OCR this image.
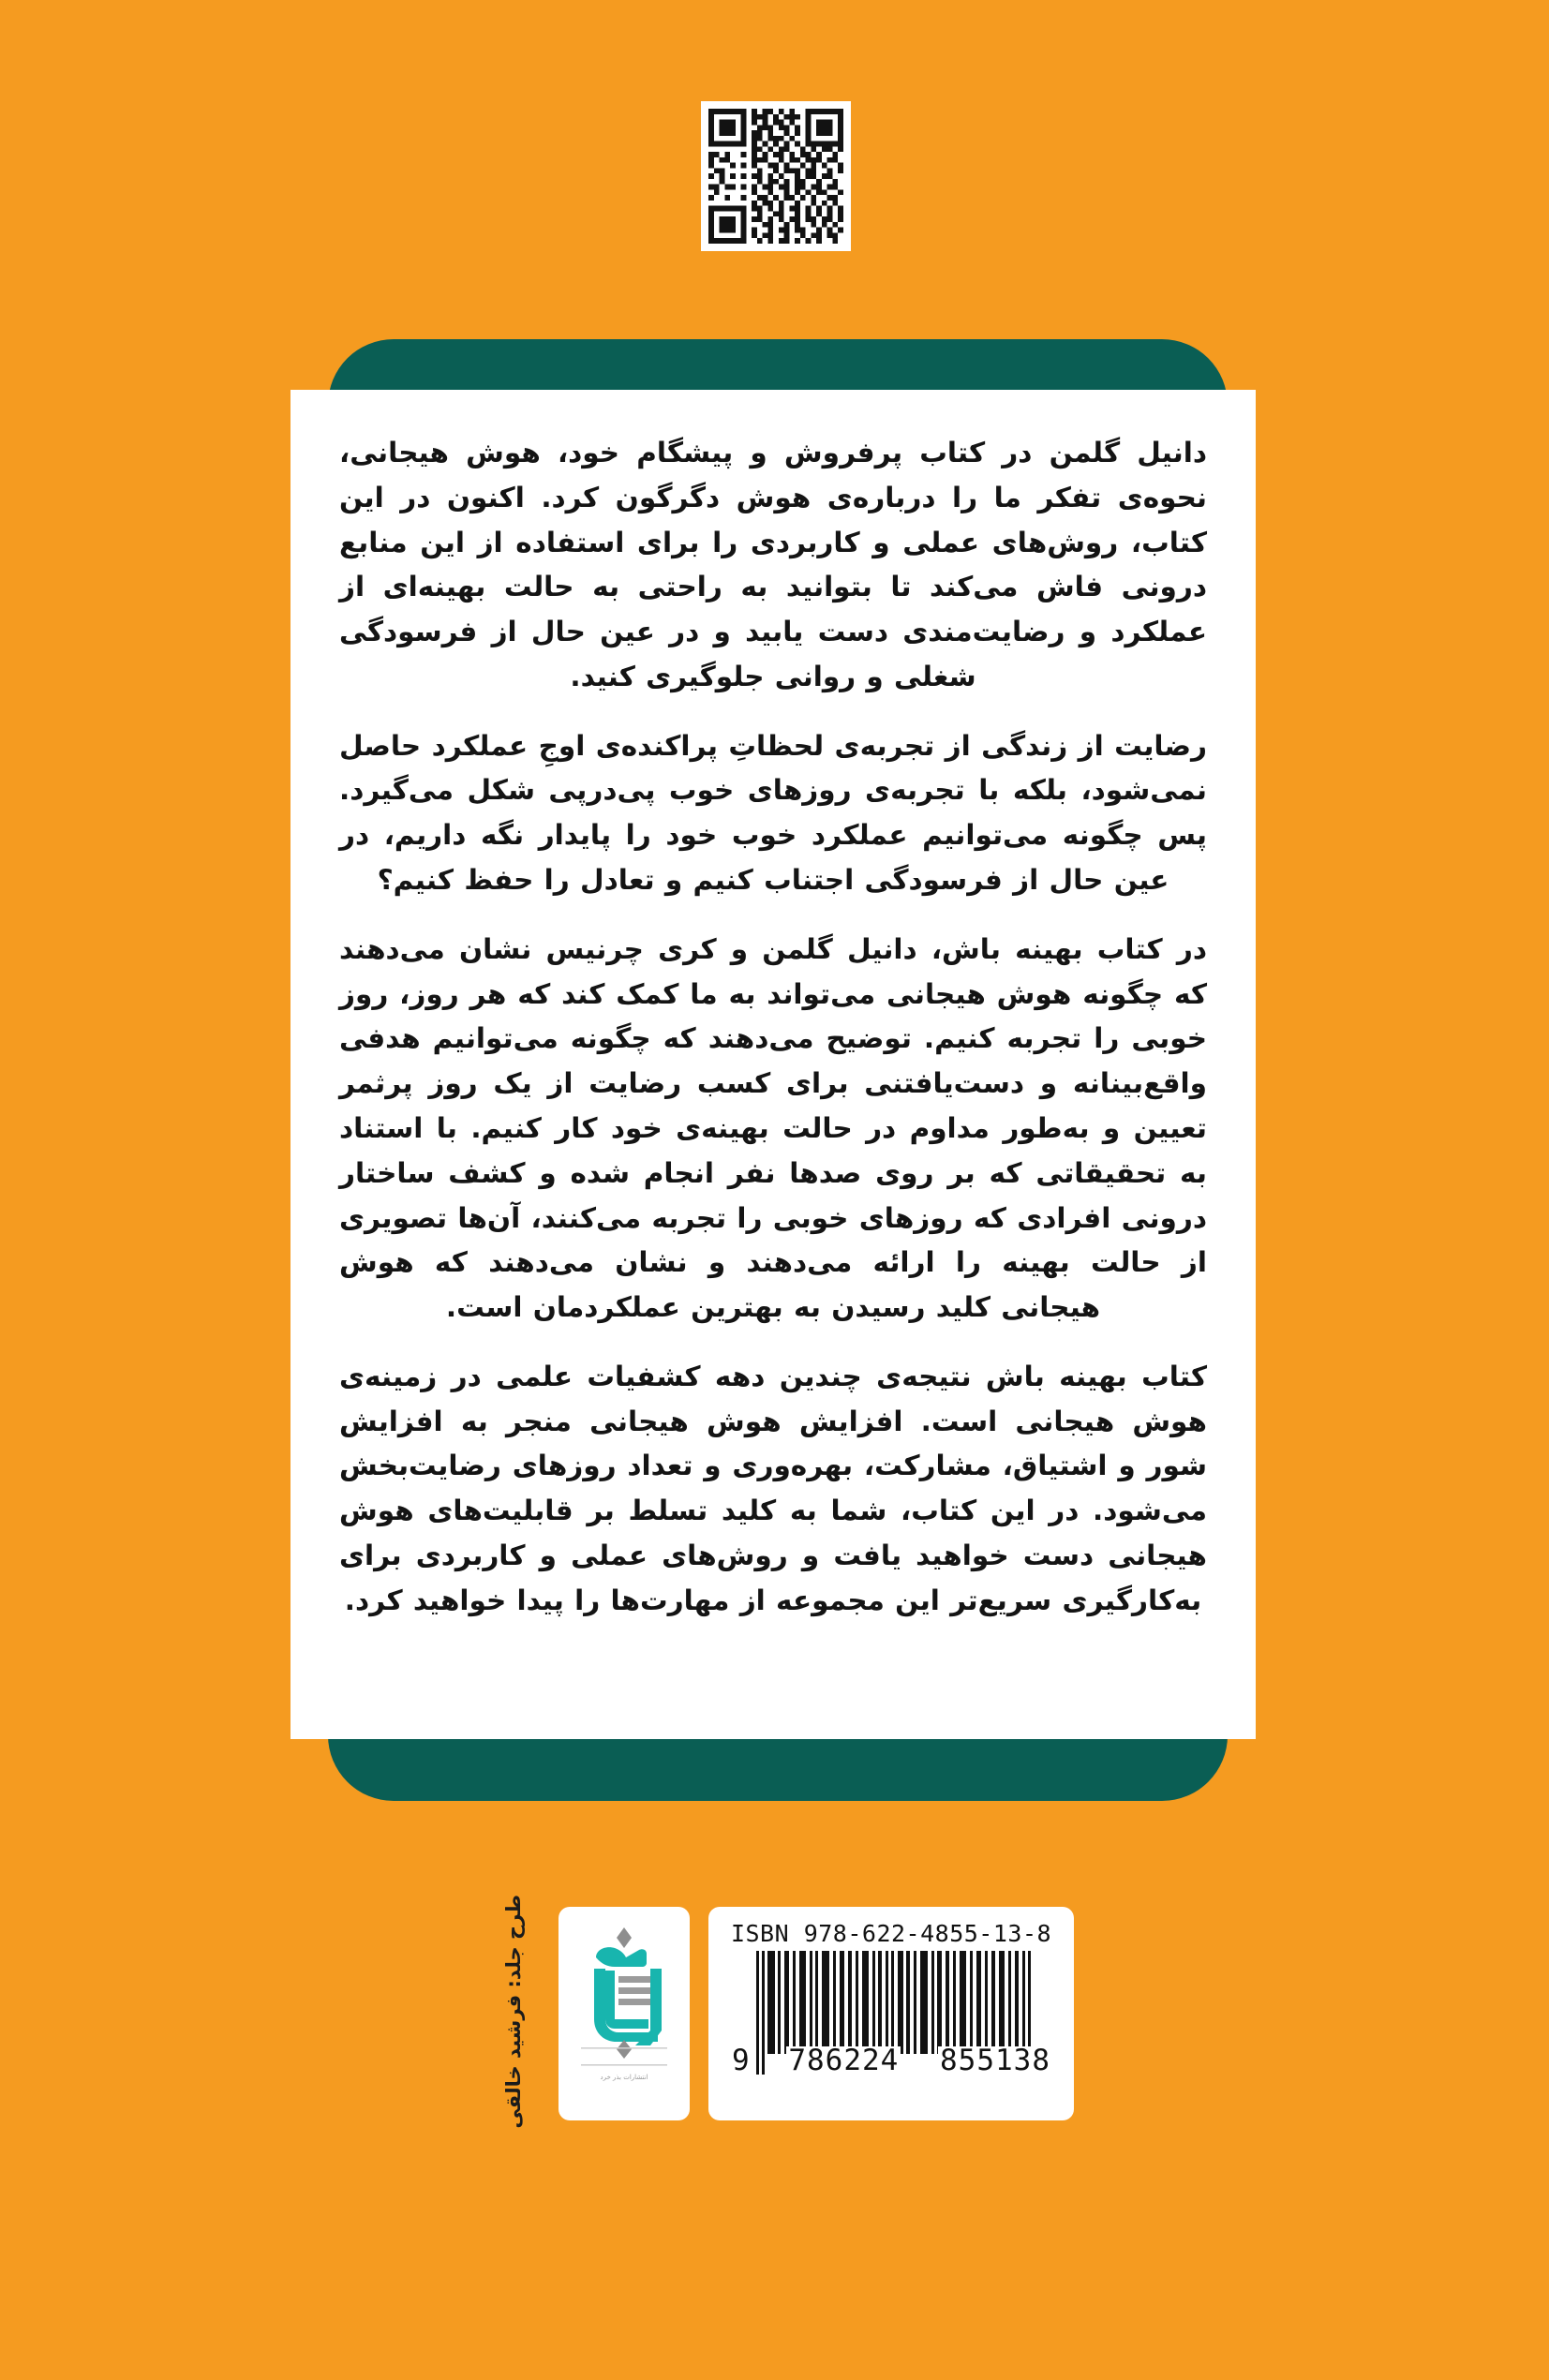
دانیل گلمن در کتاب پرفروش و پیشگام خود، هوش هیجانی، نحوه‌ی تفکر ما را درباره‌ی هوش دگرگون کرد. اکنون در این کتاب، روش‌های عملی و کاربردی را برای استفاده از این منابع درونی فاش می‌کند تا بتوانید به راحتی به حالت بهینه‌ای از عملکرد و رضایت‌مندی دست یابید و در عین حال از فرسودگی شغلی و روانی جلوگیری کنید.

رضایت از زندگی از تجربه‌ی لحظاتِ پراکنده‌ی اوجِ عملکرد حاصل نمی‌شود، بلکه با تجربه‌ی روزهای خوب پی‌درپی شکل می‌گیرد. پس چگونه می‌توانیم عملکرد خوب خود را پایدار نگه داریم، در عین حال از فرسودگی اجتناب کنیم و تعادل را حفظ کنیم؟

در کتاب بهینه باش، دانیل گلمن و کری چرنیس نشان می‌دهند که چگونه هوش هیجانی می‌تواند به ما کمک کند که هر روز، روز خوبی را تجربه کنیم. توضیح می‌دهند که چگونه می‌توانیم هدفی واقع‌بینانه و دست‌یافتنی برای کسب رضایت از یک روز پرثمر تعیین و به‌طور مداوم در حالت بهینه‌ی خود کار کنیم. با استناد به تحقیقاتی که بر روی صدها نفر انجام شده و کشف ساختار درونی افرادی که روزهای خوبی را تجربه می‌کنند، آن‌ها تصویری از حالت بهینه را ارائه می‌دهند و نشان می‌دهند که هوش هیجانی کلید رسیدن به بهترین عملکردمان است.

کتاب بهینه باش نتیجه‌ی چندین دهه کشفیات علمی در زمینه‌ی هوش هیجانی است. افزایش هوش هیجانی منجر به افزایش شور و اشتیاق، مشارکت، بهره‌وری و تعداد روزهای رضایت‌بخش می‌شود. در این کتاب، شما به کلید تسلط بر قابلیت‌های هوش هیجانی دست خواهید یافت و روش‌های عملی و کاربردی برای به‌کارگیری سریع‌تر این مجموعه از مهارت‌ها را پیدا خواهید کرد.

طرح جلد: فرشید خالقی	انتشارات بذر خرد
ISBN 978-622-4855-13-8
9 786224 855138
